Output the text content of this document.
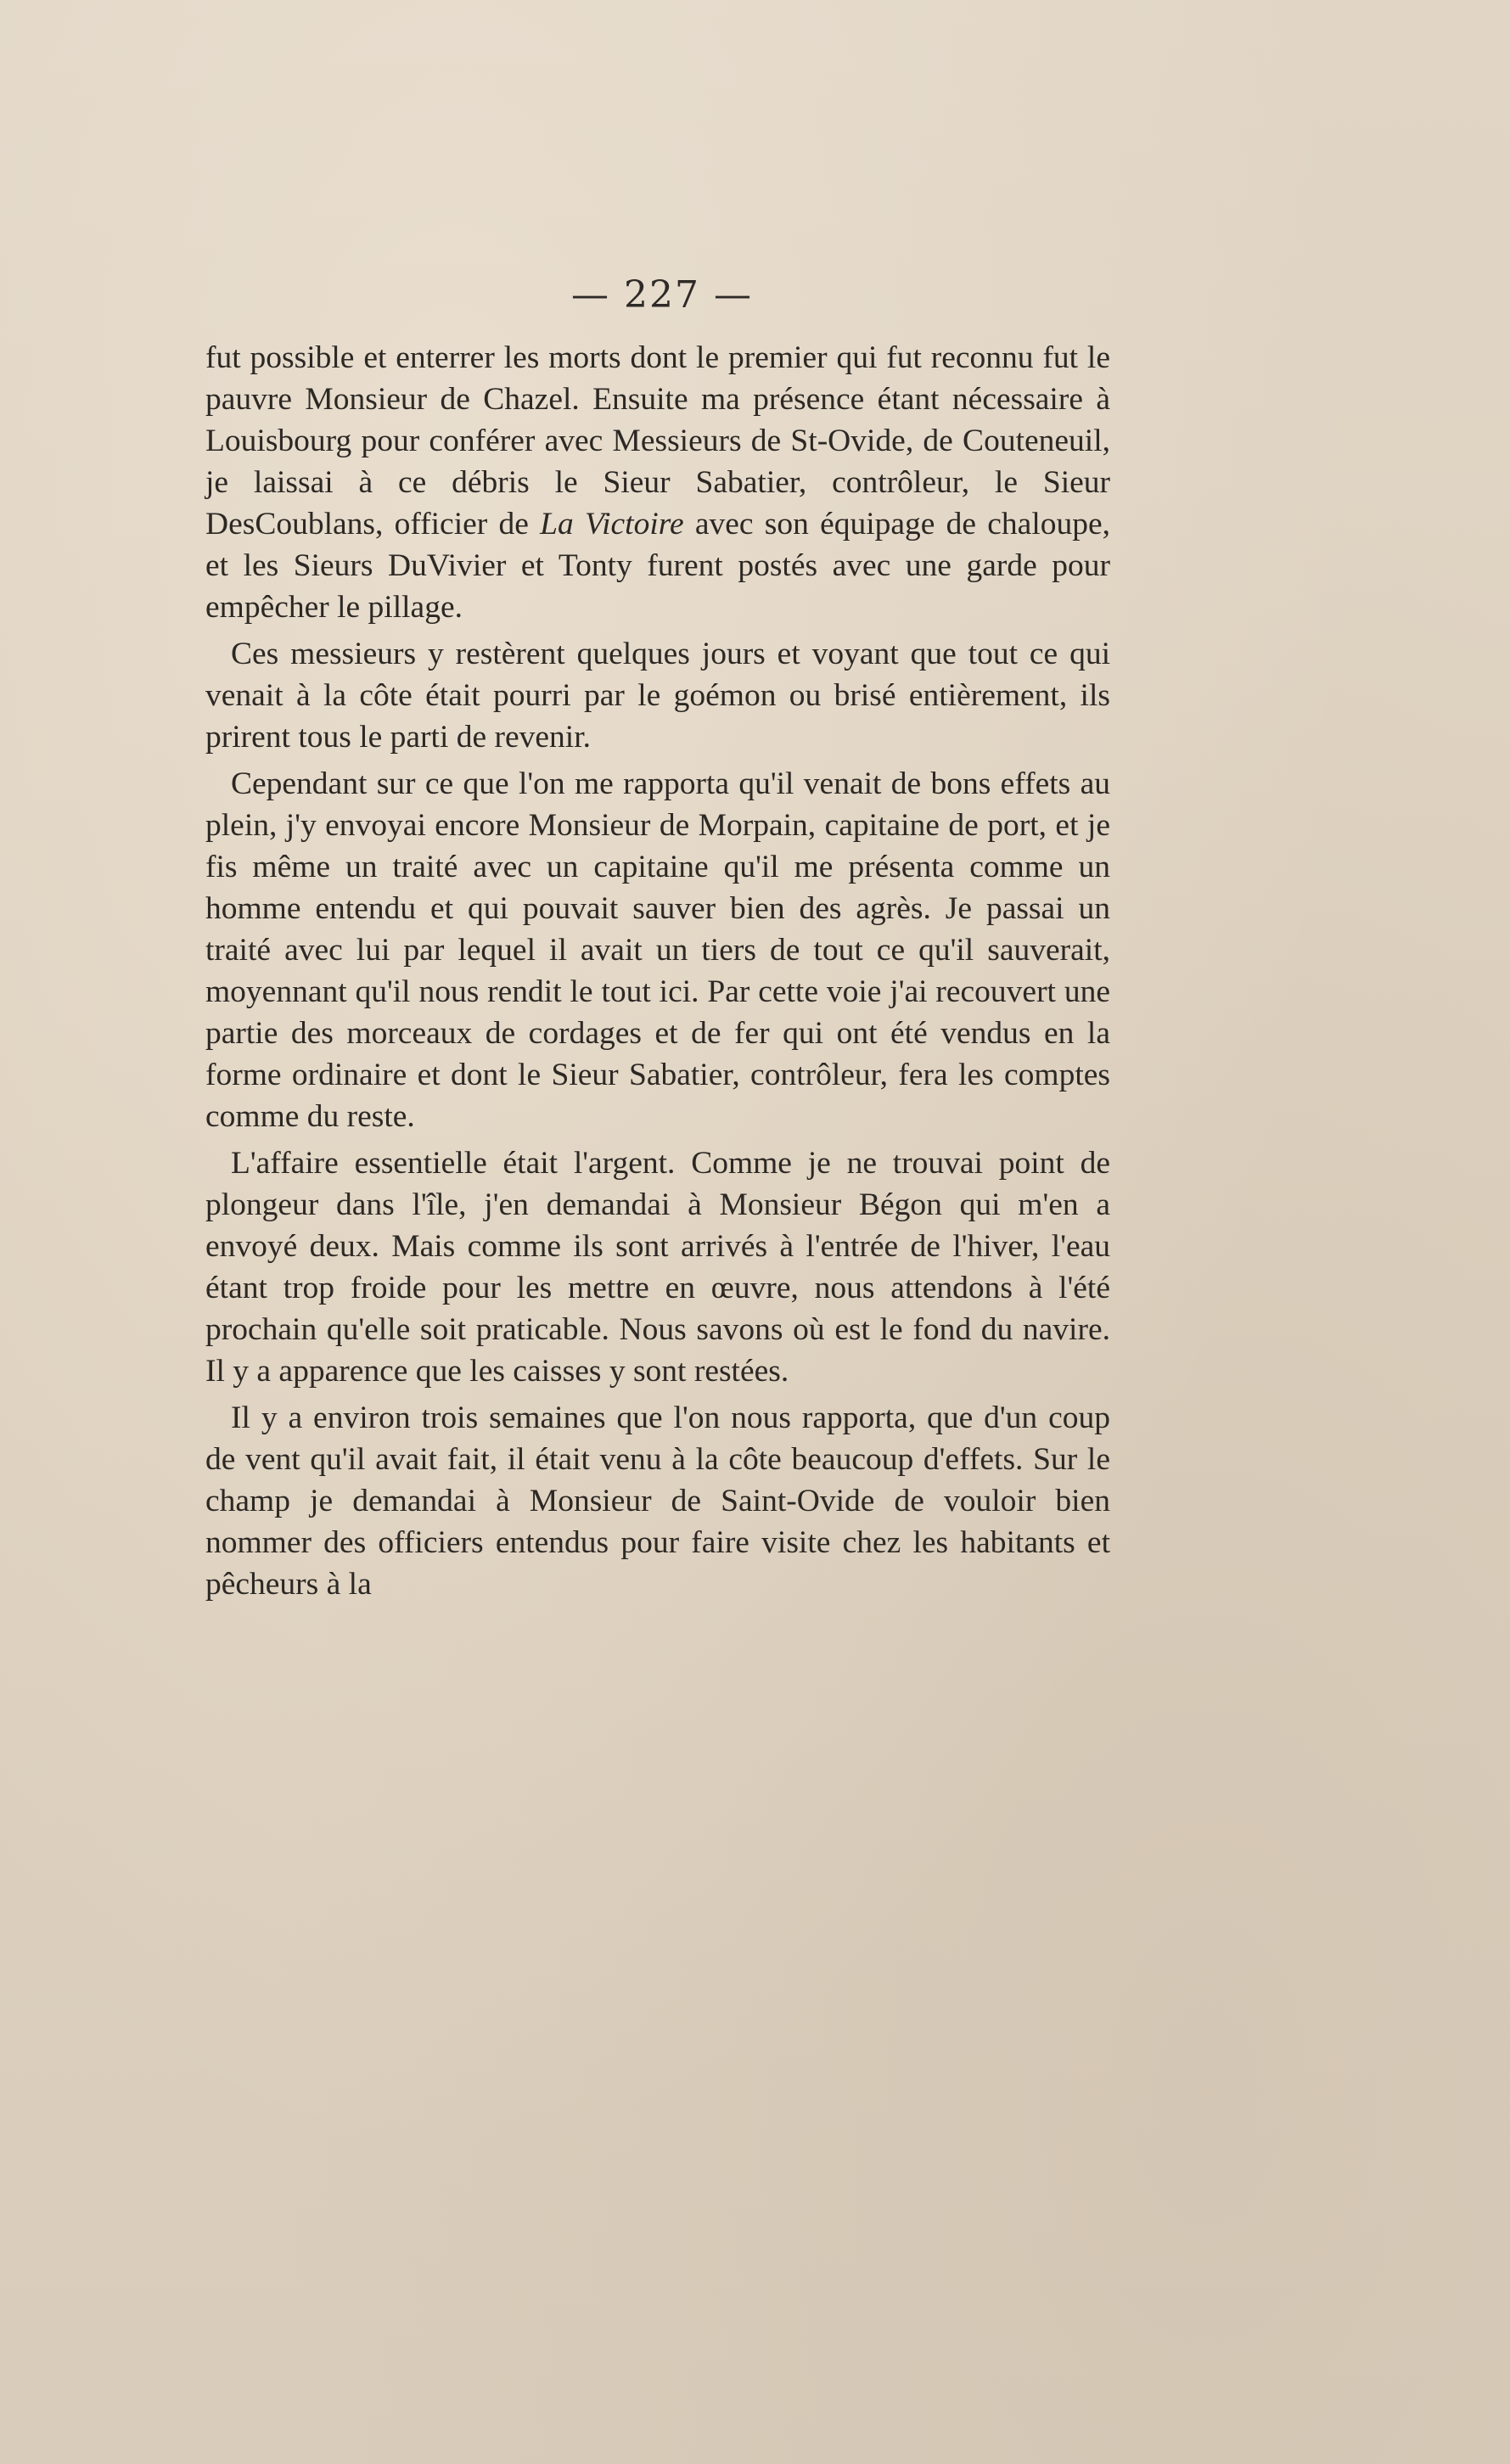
— 227 —

fut possible et enterrer les morts dont le premier qui fut reconnu fut le pauvre Monsieur de Chazel. Ensuite ma présence étant nécessaire à Louisbourg pour conférer avec Messieurs de St-Ovide, de Couteneuil, je laissai à ce débris le Sieur Sabatier, contrôleur, le Sieur DesCoublans, officier de La Victoire avec son équipage de chaloupe, et les Sieurs DuVivier et Tonty furent postés avec une garde pour empêcher le pillage.

Ces messieurs y restèrent quelques jours et voyant que tout ce qui venait à la côte était pourri par le goémon ou brisé entièrement, ils prirent tous le parti de revenir.

Cependant sur ce que l'on me rapporta qu'il venait de bons effets au plein, j'y envoyai encore Monsieur de Morpain, capitaine de port, et je fis même un traité avec un capitaine qu'il me présenta comme un homme entendu et qui pouvait sauver bien des agrès. Je passai un traité avec lui par lequel il avait un tiers de tout ce qu'il sauverait, moyennant qu'il nous rendit le tout ici. Par cette voie j'ai recouvert une partie des morceaux de cordages et de fer qui ont été vendus en la forme ordinaire et dont le Sieur Sabatier, contrôleur, fera les comptes comme du reste.

L'affaire essentielle était l'argent. Comme je ne trouvai point de plongeur dans l'île, j'en demandai à Monsieur Bégon qui m'en a envoyé deux. Mais comme ils sont arrivés à l'entrée de l'hiver, l'eau étant trop froide pour les mettre en œuvre, nous attendons à l'été prochain qu'elle soit praticable. Nous savons où est le fond du navire. Il y a apparence que les caisses y sont restées.

Il y a environ trois semaines que l'on nous rapporta, que d'un coup de vent qu'il avait fait, il était venu à la côte beaucoup d'effets. Sur le champ je demandai à Monsieur de Saint-Ovide de vouloir bien nommer des officiers entendus pour faire visite chez les habitants et pêcheurs à la
